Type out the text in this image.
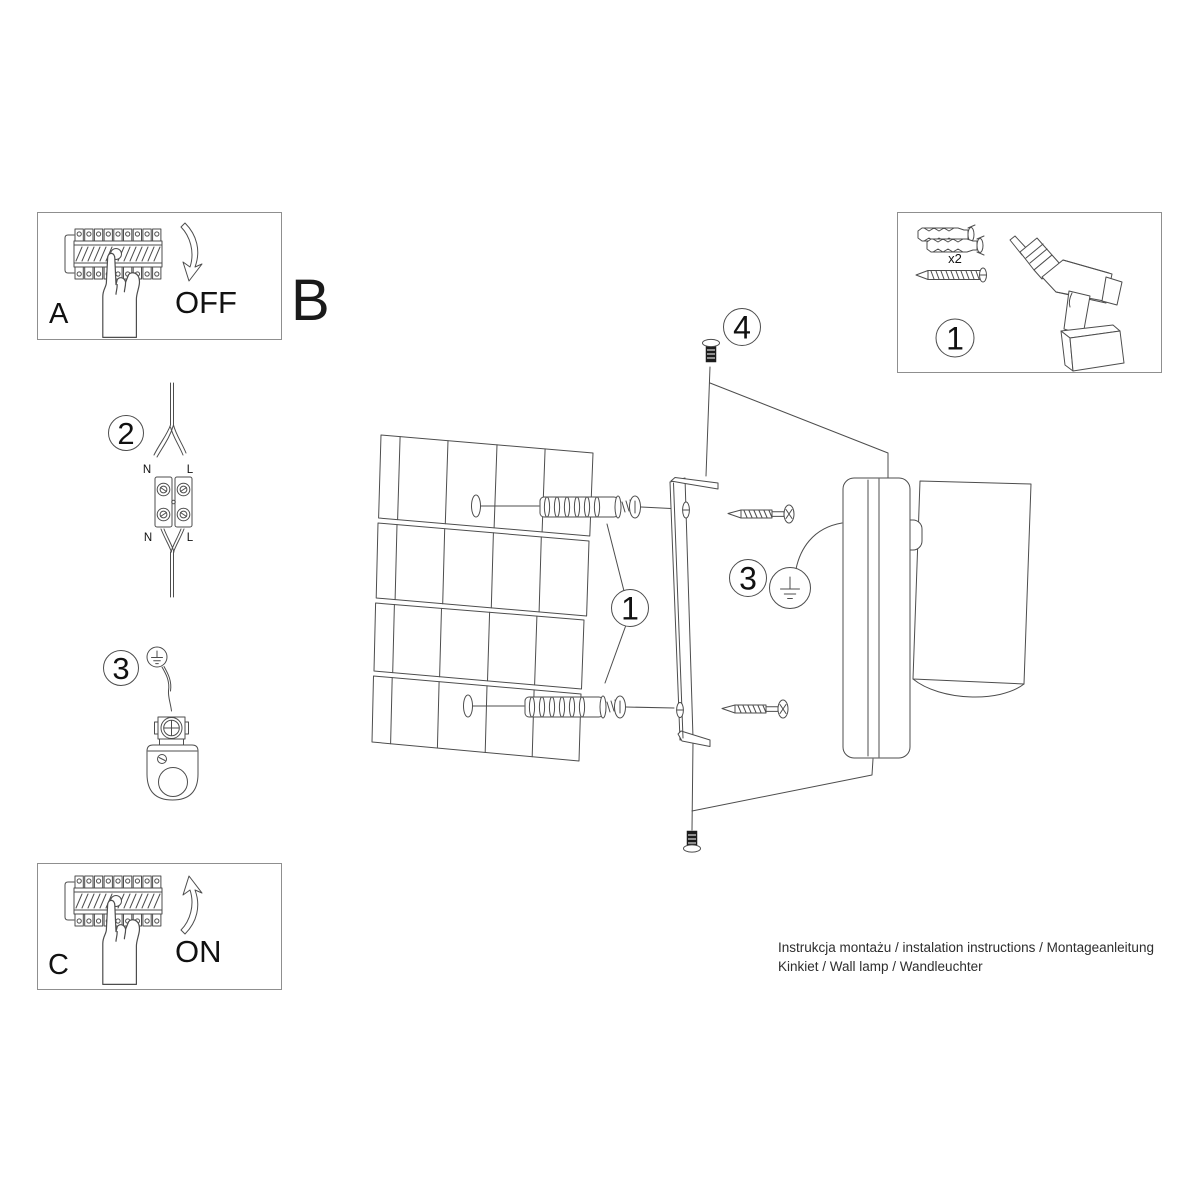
OFF
A
ON
C
B
2
N	L
N	L
3
1
3
4
x2
1
Instrukcja montażu / instalation instructions / Montageanleitung
Kinkiet / Wall lamp / Wandleuchter
